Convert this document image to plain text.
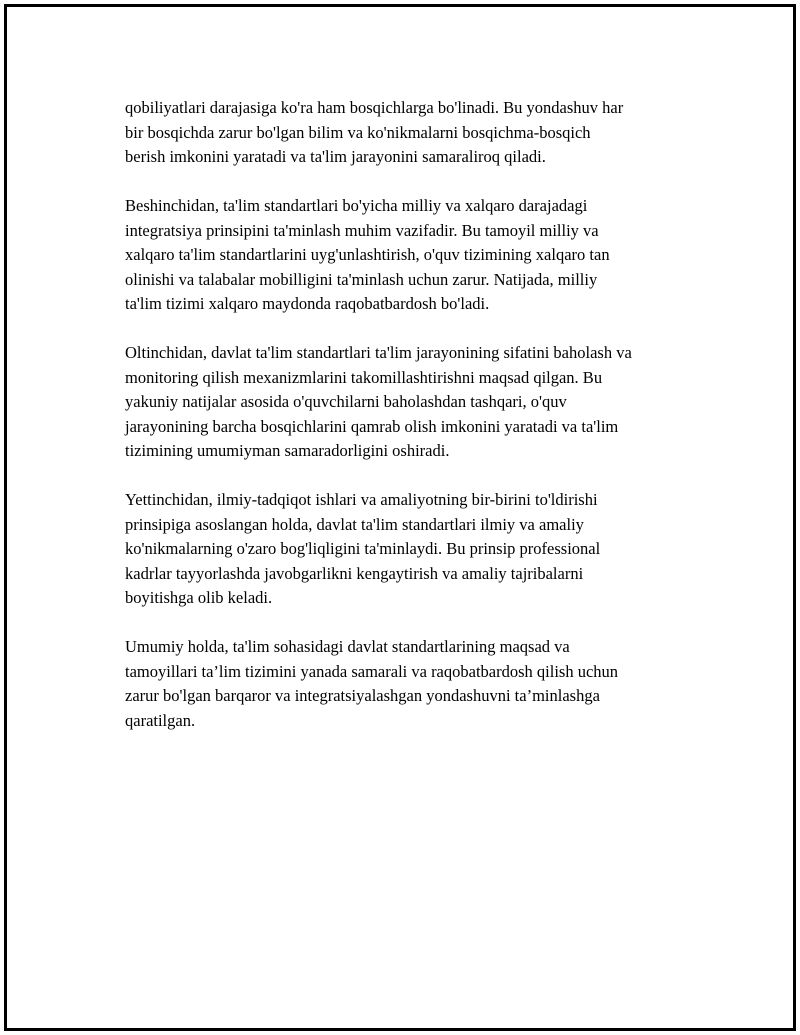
qobiliyatlari darajasiga ko'ra ham bosqichlarga bo'linadi. Bu yondashuv har
bir bosqichda zarur bo'lgan bilim va ko'nikmalarni bosqichma-bosqich
berish imkonini yaratadi va ta'lim jarayonini samaraliroq qiladi.

Beshinchidan, ta'lim standartlari bo'yicha milliy va xalqaro darajadagi
integratsiya prinsipini ta'minlash muhim vazifadir. Bu tamoyil milliy va
xalqaro ta'lim standartlarini uyg'unlashtirish, o'quv tizimining xalqaro tan
olinishi va talabalar mobilligini ta'minlash uchun zarur. Natijada, milliy
ta'lim tizimi xalqaro maydonda raqobatbardosh bo'ladi.

Oltinchidan, davlat ta'lim standartlari ta'lim jarayonining sifatini baholash va
monitoring qilish mexanizmlarini takomillashtirishni maqsad qilgan. Bu
yakuniy natijalar asosida o'quvchilarni baholashdan tashqari, o'quv
jarayonining barcha bosqichlarini qamrab olish imkonini yaratadi va ta'lim
tizimining umumiyman samaradorligini oshiradi.

Yettinchidan, ilmiy-tadqiqot ishlari va amaliyotning bir-birini to'ldirishi
prinsipiga asoslangan holda, davlat ta'lim standartlari ilmiy va amaliy
ko'nikmalarning o'zaro bog'liqligini ta'minlaydi. Bu prinsip professional
kadrlar tayyorlashda javobgarlikni kengaytirish va amaliy tajribalarni
boyitishga olib keladi.

Umumiy holda, ta'lim sohasidagi davlat standartlarining maqsad va
tamoyillari ta’lim tizimini yanada samarali va raqobatbardosh qilish uchun
zarur bo'lgan barqaror va integratsiyalashgan yondashuvni ta’minlashga
qaratilgan.
